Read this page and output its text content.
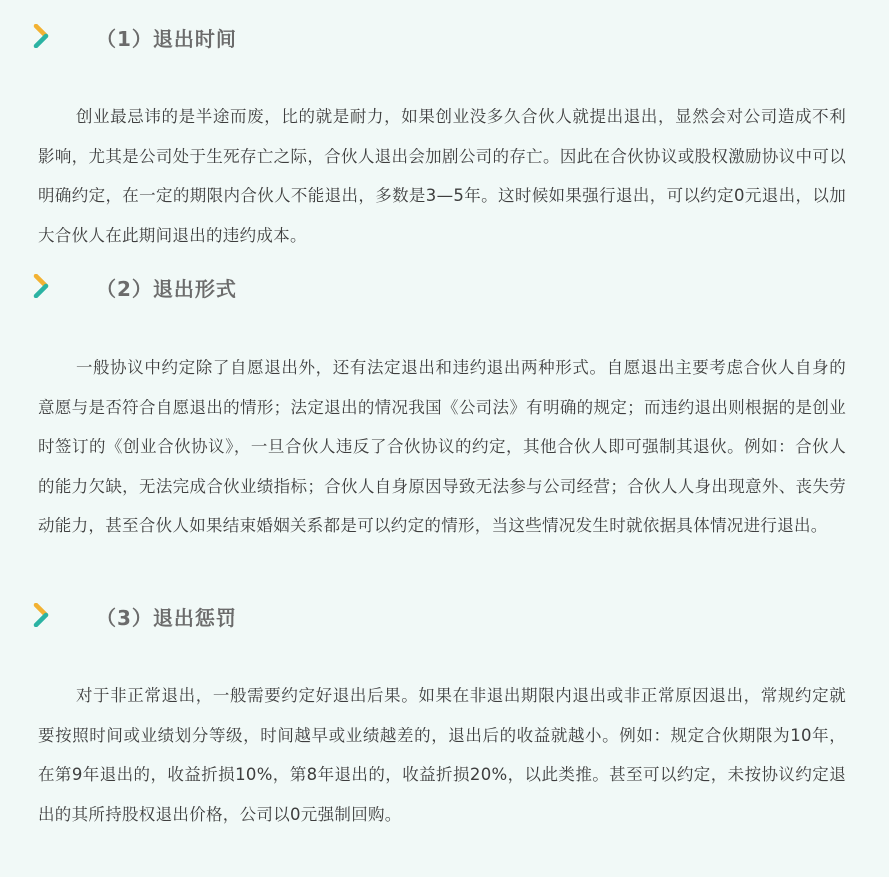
（1）退出时间

创业最忌讳的是半途而废，比的就是耐力，如果创业没多久合伙人就提出退出，显然会对公司造成不利影响，尤其是公司处于生死存亡之际，合伙人退出会加剧公司的存亡。因此在合伙协议或股权激励协议中可以明确约定，在一定的期限内合伙人不能退出，多数是3—5年。这时候如果强行退出，可以约定0元退出，以加大合伙人在此期间退出的违约成本。

（2）退出形式

一般协议中约定除了自愿退出外，还有法定退出和违约退出两种形式。自愿退出主要考虑合伙人自身的意愿与是否符合自愿退出的情形；法定退出的情况我国《公司法》有明确的规定；而违约退出则根据的是创业时签订的《创业合伙协议》，一旦合伙人违反了合伙协议的约定，其他合伙人即可强制其退伙。例如：合伙人的能力欠缺，无法完成合伙业绩指标；合伙人自身原因导致无法参与公司经营；合伙人人身出现意外、丧失劳动能力，甚至合伙人如果结束婚姻关系都是可以约定的情形，当这些情况发生时就依据具体情况进行退出。

（3）退出惩罚

对于非正常退出，一般需要约定好退出后果。如果在非退出期限内退出或非正常原因退出，常规约定就要按照时间或业绩划分等级，时间越早或业绩越差的，退出后的收益就越小。例如：规定合伙期限为10年，在第9年退出的，收益折损10%，第8年退出的，收益折损20%，以此类推。甚至可以约定，未按协议约定退出的其所持股权退出价格，公司以0元强制回购。
